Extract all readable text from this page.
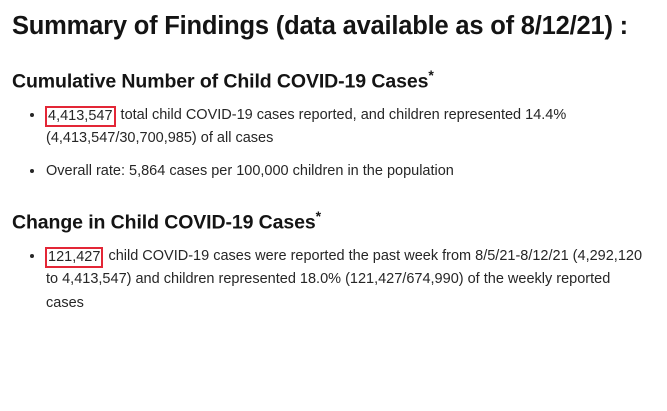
Summary of Findings (data available as of 8/12/21) :
Cumulative Number of Child COVID-19 Cases*
4,413,547 total child COVID-19 cases reported, and children represented 14.4% (4,413,547/30,700,985) of all cases
Overall rate: 5,864 cases per 100,000 children in the population
Change in Child COVID-19 Cases*
121,427 child COVID-19 cases were reported the past week from 8/5/21-8/12/21 (4,292,120 to 4,413,547) and children represented 18.0% (121,427/674,990) of the weekly reported cases
